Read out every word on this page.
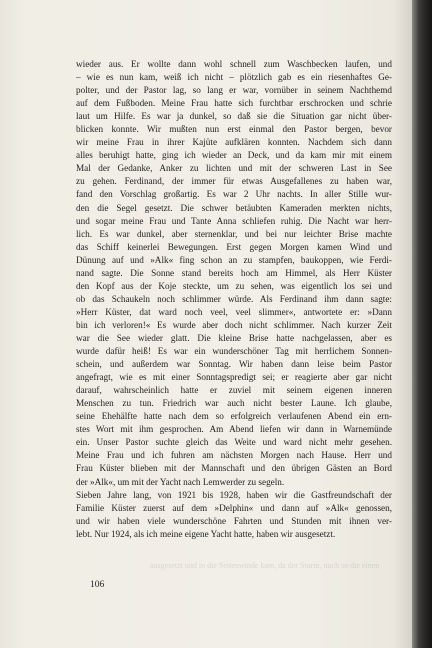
wieder aus. Er wollte dann wohl schnell zum Waschbecken laufen, und
– wie es nun kam, weiß ich nicht – plötzlich gab es ein riesenhaftes Ge-
polter, und der Pastor lag, so lang er war, vornüber in seinem Nachthemd
auf dem Fußboden. Meine Frau hatte sich furchtbar erschrocken und schrie
laut um Hilfe. Es war ja dunkel, so daß sie die Situation gar nicht über-
blicken konnte. Wir mußten nun erst einmal den Pastor bergen, bevor
wir meine Frau in ihrer Kajüte aufklären konnten. Nachdem sich dann
alles beruhigt hatte, ging ich wieder an Deck, und da kam mir mit einem
Mal der Gedanke, Anker zu lichten und mit der schweren Last in See
zu gehen. Ferdinand, der immer für etwas Ausgefallenes zu haben war,
fand den Vorschlag großartig. Es war 2 Uhr nachts. In aller Stille wur-
den die Segel gesetzt. Die schwer betäubten Kameraden merkten nichts,
und sogar meine Frau und Tante Anna schliefen ruhig. Die Nacht war herr-
lich. Es war dunkel, aber sternenklar, und bei nur leichter Brise machte
das Schiff keinerlei Bewegungen. Erst gegen Morgen kamen Wind und
Dünung auf und »Alk« fing schon an zu stampfen, baukoppen, wie Ferdi-
nand sagte. Die Sonne stand bereits hoch am Himmel, als Herr Küster
den Kopf aus der Koje steckte, um zu sehen, was eigentlich los sei und
ob das Schaukeln noch schlimmer würde. Als Ferdinand ihm dann sagte:
»Herr Küster, dat ward noch veel, veel slimmer«, antwortete er: »Dann
bin ich verloren!« Es wurde aber doch nicht schlimmer. Nach kurzer Zeit
war die See wieder glatt. Die kleine Brise hatte nachgelassen, aber es
wurde dafür heiß! Es war ein wunderschöner Tag mit herrlichem Sonnen-
schein, und außerdem war Sonntag. Wir haben dann leise beim Pastor
angefragt, wie es mit einer Sonntagspredigt sei; er reagierte aber gar nicht
darauf, wahrscheinlich hatte er zuviel mit seinem eigenen inneren
Menschen zu tun. Friedrich war auch nicht bester Laune. Ich glaube,
seine Ehehälfte hatte nach dem so erfolgreich verlaufenen Abend ein ern-
stes Wort mit ihm gesprochen. Am Abend liefen wir dann in Warnemünde
ein. Unser Pastor suchte gleich das Weite und ward nicht mehr gesehen.
Meine Frau und ich fuhren am nächsten Morgen nach Hause. Herr und
Frau Küster blieben mit der Mannschaft und den übrigen Gästen an Bord
der »Alk«, um mit der Yacht nach Lemwerder zu segeln.
Sieben Jahre lang, von 1921 bis 1928, haben wir die Gastfreundschaft der
Familie Küster zuerst auf dem »Delphin« und dann auf »Alk« genossen,
und wir haben viele wunderschöne Fahrten und Stunden mit ihnen ver-
lebt. Nur 1924, als ich meine eigene Yacht hatte, haben wir ausgesetzt.
ausgesetzt und in die Seitenwinde kam, da der Sturm, noch so die einen
106
